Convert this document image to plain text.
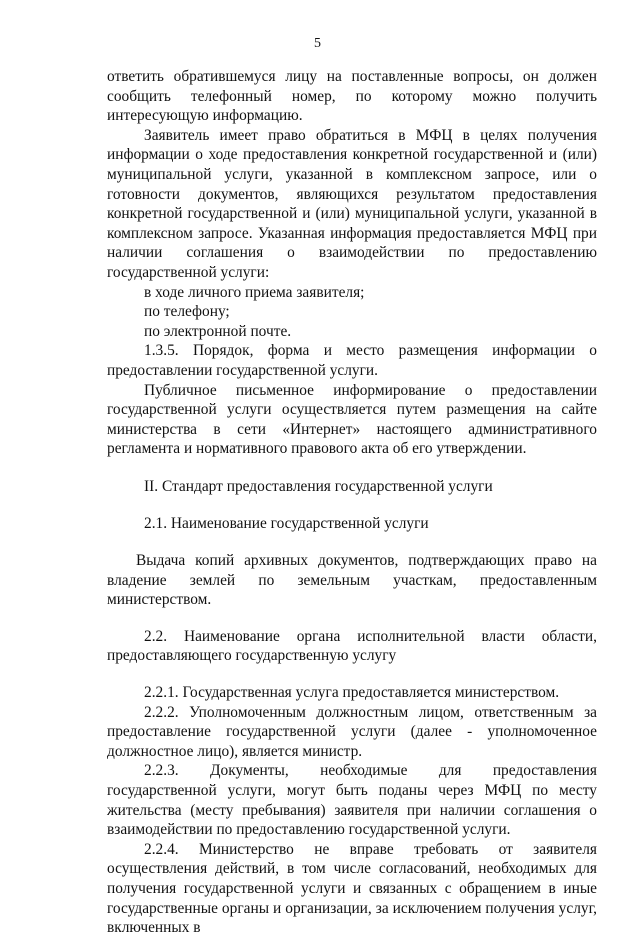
5

ответить обратившемуся лицу на поставленные вопросы, он должен сообщить телефонный номер, по которому можно получить интересующую информацию.

Заявитель имеет право обратиться в МФЦ в целях получения информации о ходе предоставления конкретной государственной и (или) муниципальной услуги, указанной в комплексном запросе, или о готовности документов, являющихся результатом предоставления конкретной государственной и (или) муниципальной услуги, указанной в комплексном запросе. Указанная информация предоставляется МФЦ при наличии соглашения о взаимодействии по предоставлению государственной услуги:

в ходе личного приема заявителя;

по телефону;

по электронной почте.

1.3.5. Порядок, форма и место размещения информации о предоставлении государственной услуги.

Публичное письменное информирование о предоставлении государственной услуги осуществляется путем размещения на сайте министерства в сети «Интернет» настоящего административного регламента и нормативного правового акта об его утверждении.

II. Стандарт предоставления государственной услуги

2.1. Наименование государственной услуги

Выдача копий архивных документов, подтверждающих право на владение землей по земельным участкам, предоставленным министерством.

2.2. Наименование органа исполнительной власти области, предоставляющего государственную услугу

2.2.1. Государственная услуга предоставляется министерством.

2.2.2. Уполномоченным должностным лицом, ответственным за предоставление государственной услуги (далее - уполномоченное должностное лицо), является министр.

2.2.3. Документы, необходимые для предоставления государственной услуги, могут быть поданы через МФЦ по месту жительства (месту пребывания) заявителя при наличии соглашения о взаимодействии по предоставлению государственной услуги.

2.2.4. Министерство не вправе требовать от заявителя осуществления действий, в том числе согласований, необходимых для получения государственной услуги и связанных с обращением в иные государственные органы и организации, за исключением получения услуг, включенных в
